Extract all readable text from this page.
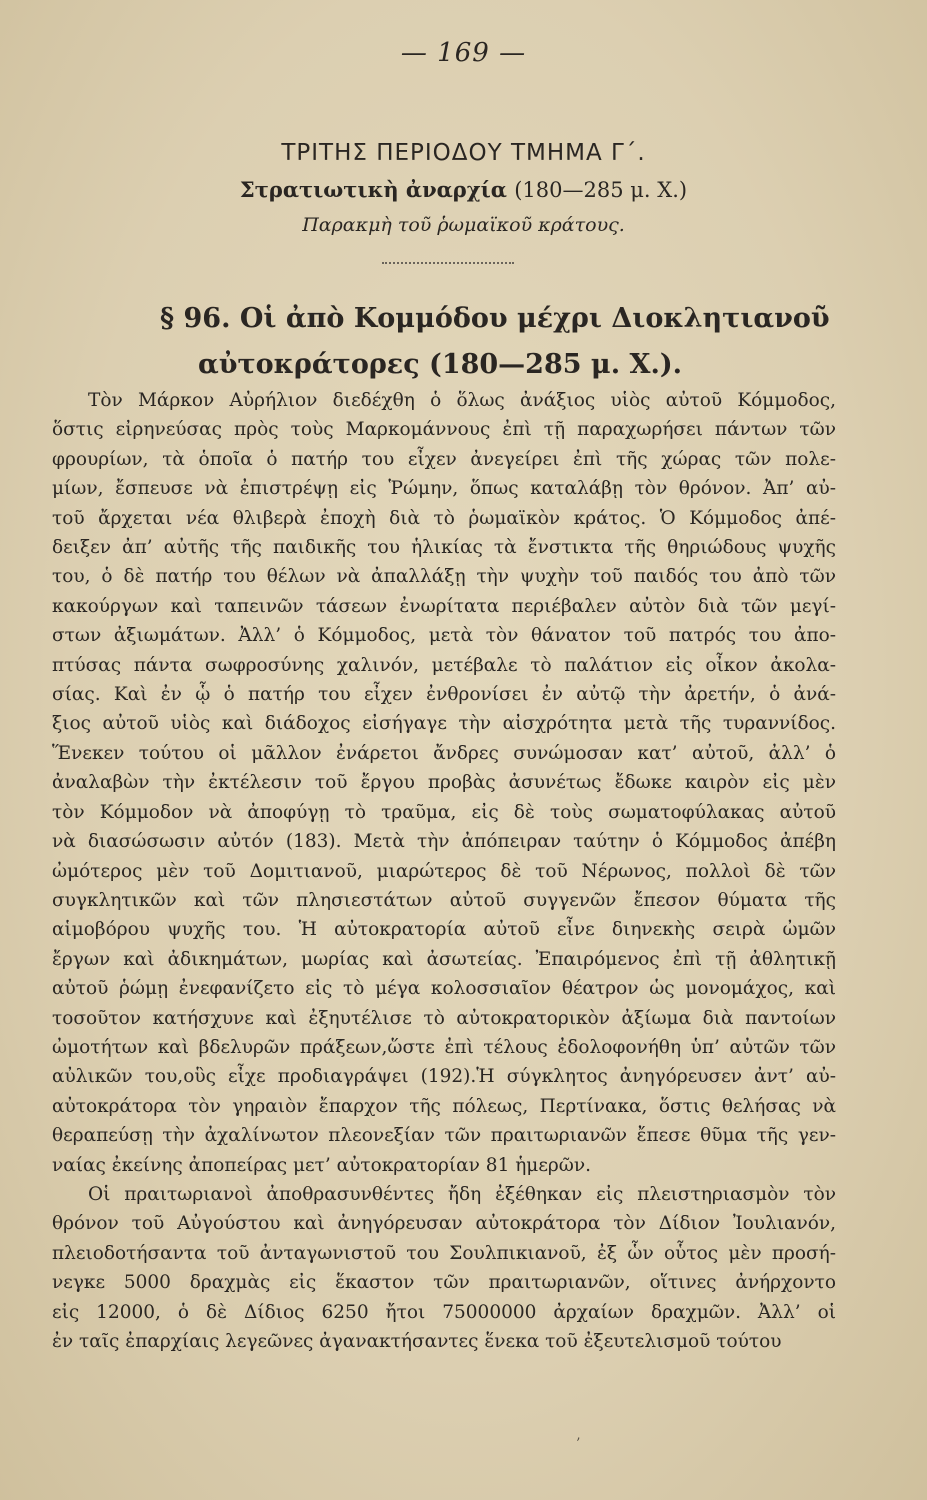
— 169 —
ΤΡΙΤΗΣ ΠΕΡΙΟΔΟΥ ΤΜΗΜΑ Γ΄.
Στρατιωτικὴ ἀναρχία (180—285 μ. Χ.)
Παρακμὴ τοῦ ῥωμαϊκοῦ κράτους.
§ 96. Οἱ ἀπὸ Κομμόδου μέχρι Διοκλητιανοῦ
αὐτοκράτορες (180—285 μ. Χ.).
Τὸν Μάρκον Αὐρήλιον διεδέχθη ὁ ὅλως ἀνάξιος υἱὸς αὐτοῦ Κόμμοδος,
ὅστις εἰρηνεύσας πρὸς τοὺς Μαρκομάννους ἐπὶ τῇ παραχωρήσει πάντων τῶν
φρουρίων, τὰ ὁποῖα ὁ πατήρ του εἶχεν ἀνεγείρει ἐπὶ τῆς χώρας τῶν πολε-
μίων, ἔσπευσε νὰ ἐπιστρέψῃ εἰς Ῥώμην, ὅπως καταλάβῃ τὸν θρόνον. Ἀπ’ αὐ-
τοῦ ἄρχεται νέα θλιβερὰ ἐποχὴ διὰ τὸ ῥωμαϊκὸν κράτος. Ὁ Κόμμοδος ἀπέ-
δειξεν ἀπ’ αὐτῆς τῆς παιδικῆς του ἡλικίας τὰ ἔνστικτα τῆς θηριώδους ψυχῆς
του, ὁ δὲ πατήρ του θέλων νὰ ἀπαλλάξῃ τὴν ψυχὴν τοῦ παιδός του ἀπὸ τῶν
κακούργων καὶ ταπεινῶν τάσεων ἐνωρίτατα περιέβαλεν αὐτὸν διὰ τῶν μεγί-
στων ἀξιωμάτων. Ἀλλ’ ὁ Κόμμοδος, μετὰ τὸν θάνατον τοῦ πατρός του ἀπο-
πτύσας πάντα σωφροσύνης χαλινόν, μετέβαλε τὸ παλάτιον εἰς οἶκον ἀκολα-
σίας. Καὶ ἐν ᾧ ὁ πατήρ του εἶχεν ἐνθρονίσει ἐν αὐτῷ τὴν ἀρετήν, ὁ ἀνά-
ξιος αὐτοῦ υἱὸς καὶ διάδοχος εἰσήγαγε τὴν αἰσχρότητα μετὰ τῆς τυραννίδος.
Ἕνεκεν τούτου οἱ μᾶλλον ἐνάρετοι ἄνδρες συνώμοσαν κατ’ αὐτοῦ, ἀλλ’ ὁ
ἀναλαβὼν τὴν ἐκτέλεσιν τοῦ ἔργου προβὰς ἀσυνέτως ἔδωκε καιρὸν εἰς μὲν
τὸν Κόμμοδον νὰ ἀποφύγῃ τὸ τραῦμα, εἰς δὲ τοὺς σωματοφύλακας αὐτοῦ
νὰ διασώσωσιν αὐτόν (183). Μετὰ τὴν ἀπόπειραν ταύτην ὁ Κόμμοδος ἀπέβη
ὠμότερος μὲν τοῦ Δομιτιανοῦ, μιαρώτερος δὲ τοῦ Νέρωνος, πολλοὶ δὲ τῶν
συγκλητικῶν καὶ τῶν πλησιεστάτων αὐτοῦ συγγενῶν ἔπεσον θύματα τῆς
αἱμοβόρου ψυχῆς του. Ἡ αὐτοκρατορία αὐτοῦ εἶνε διηνεκὴς σειρὰ ὠμῶν
ἔργων καὶ ἀδικημάτων, μωρίας καὶ ἀσωτείας. Ἐπαιρόμενος ἐπὶ τῇ ἀθλητικῇ
αὐτοῦ ῥώμῃ ἐνεφανίζετο εἰς τὸ μέγα κολοσσιαῖον θέατρον ὡς μονομάχος, καὶ
τοσοῦτον κατήσχυνε καὶ ἐξηυτέλισε τὸ αὐτοκρατορικὸν ἀξίωμα διὰ παντοίων
ὠμοτήτων καὶ βδελυρῶν πράξεων,ὥστε ἐπὶ τέλους ἐδολοφονήθη ὑπ’ αὐτῶν τῶν
αὐλικῶν του,οὓς εἶχε προδιαγράψει (192).Ἡ σύγκλητος ἀνηγόρευσεν ἀντ’ αὐ-
αὐτοκράτορα τὸν γηραιὸν ἔπαρχον τῆς πόλεως, Περτίνακα, ὅστις θελήσας νὰ
θεραπεύσῃ τὴν ἀχαλίνωτον πλεονεξίαν τῶν πραιτωριανῶν ἔπεσε θῦμα τῆς γεν-
ναίας ἐκείνης ἀποπείρας μετ’ αὐτοκρατορίαν 81 ἡμερῶν.
Οἱ πραιτωριανοὶ ἀποθρασυνθέντες ἤδη ἐξέθηκαν εἰς πλειστηριασμὸν τὸν
θρόνον τοῦ Αὐγούστου καὶ ἀνηγόρευσαν αὐτοκράτορα τὸν Δίδιον Ἰουλιανόν,
πλειοδοτήσαντα τοῦ ἀνταγωνιστοῦ του Σουλπικιανοῦ, ἐξ ὧν οὗτος μὲν προσή-
νεγκε 5000 δραχμὰς εἰς ἕκαστον τῶν πραιτωριανῶν, οἵτινες ἀνήρχοντο
εἰς 12000, ὁ δὲ Δίδιος 6250 ἤτοι 75000000 ἀρχαίων δραχμῶν. Ἀλλ’ οἱ
ἐν ταῖς ἐπαρχίαις λεγεῶνες ἀγανακτήσαντες ἕνεκα τοῦ ἐξευτελισμοῦ τούτου
’
